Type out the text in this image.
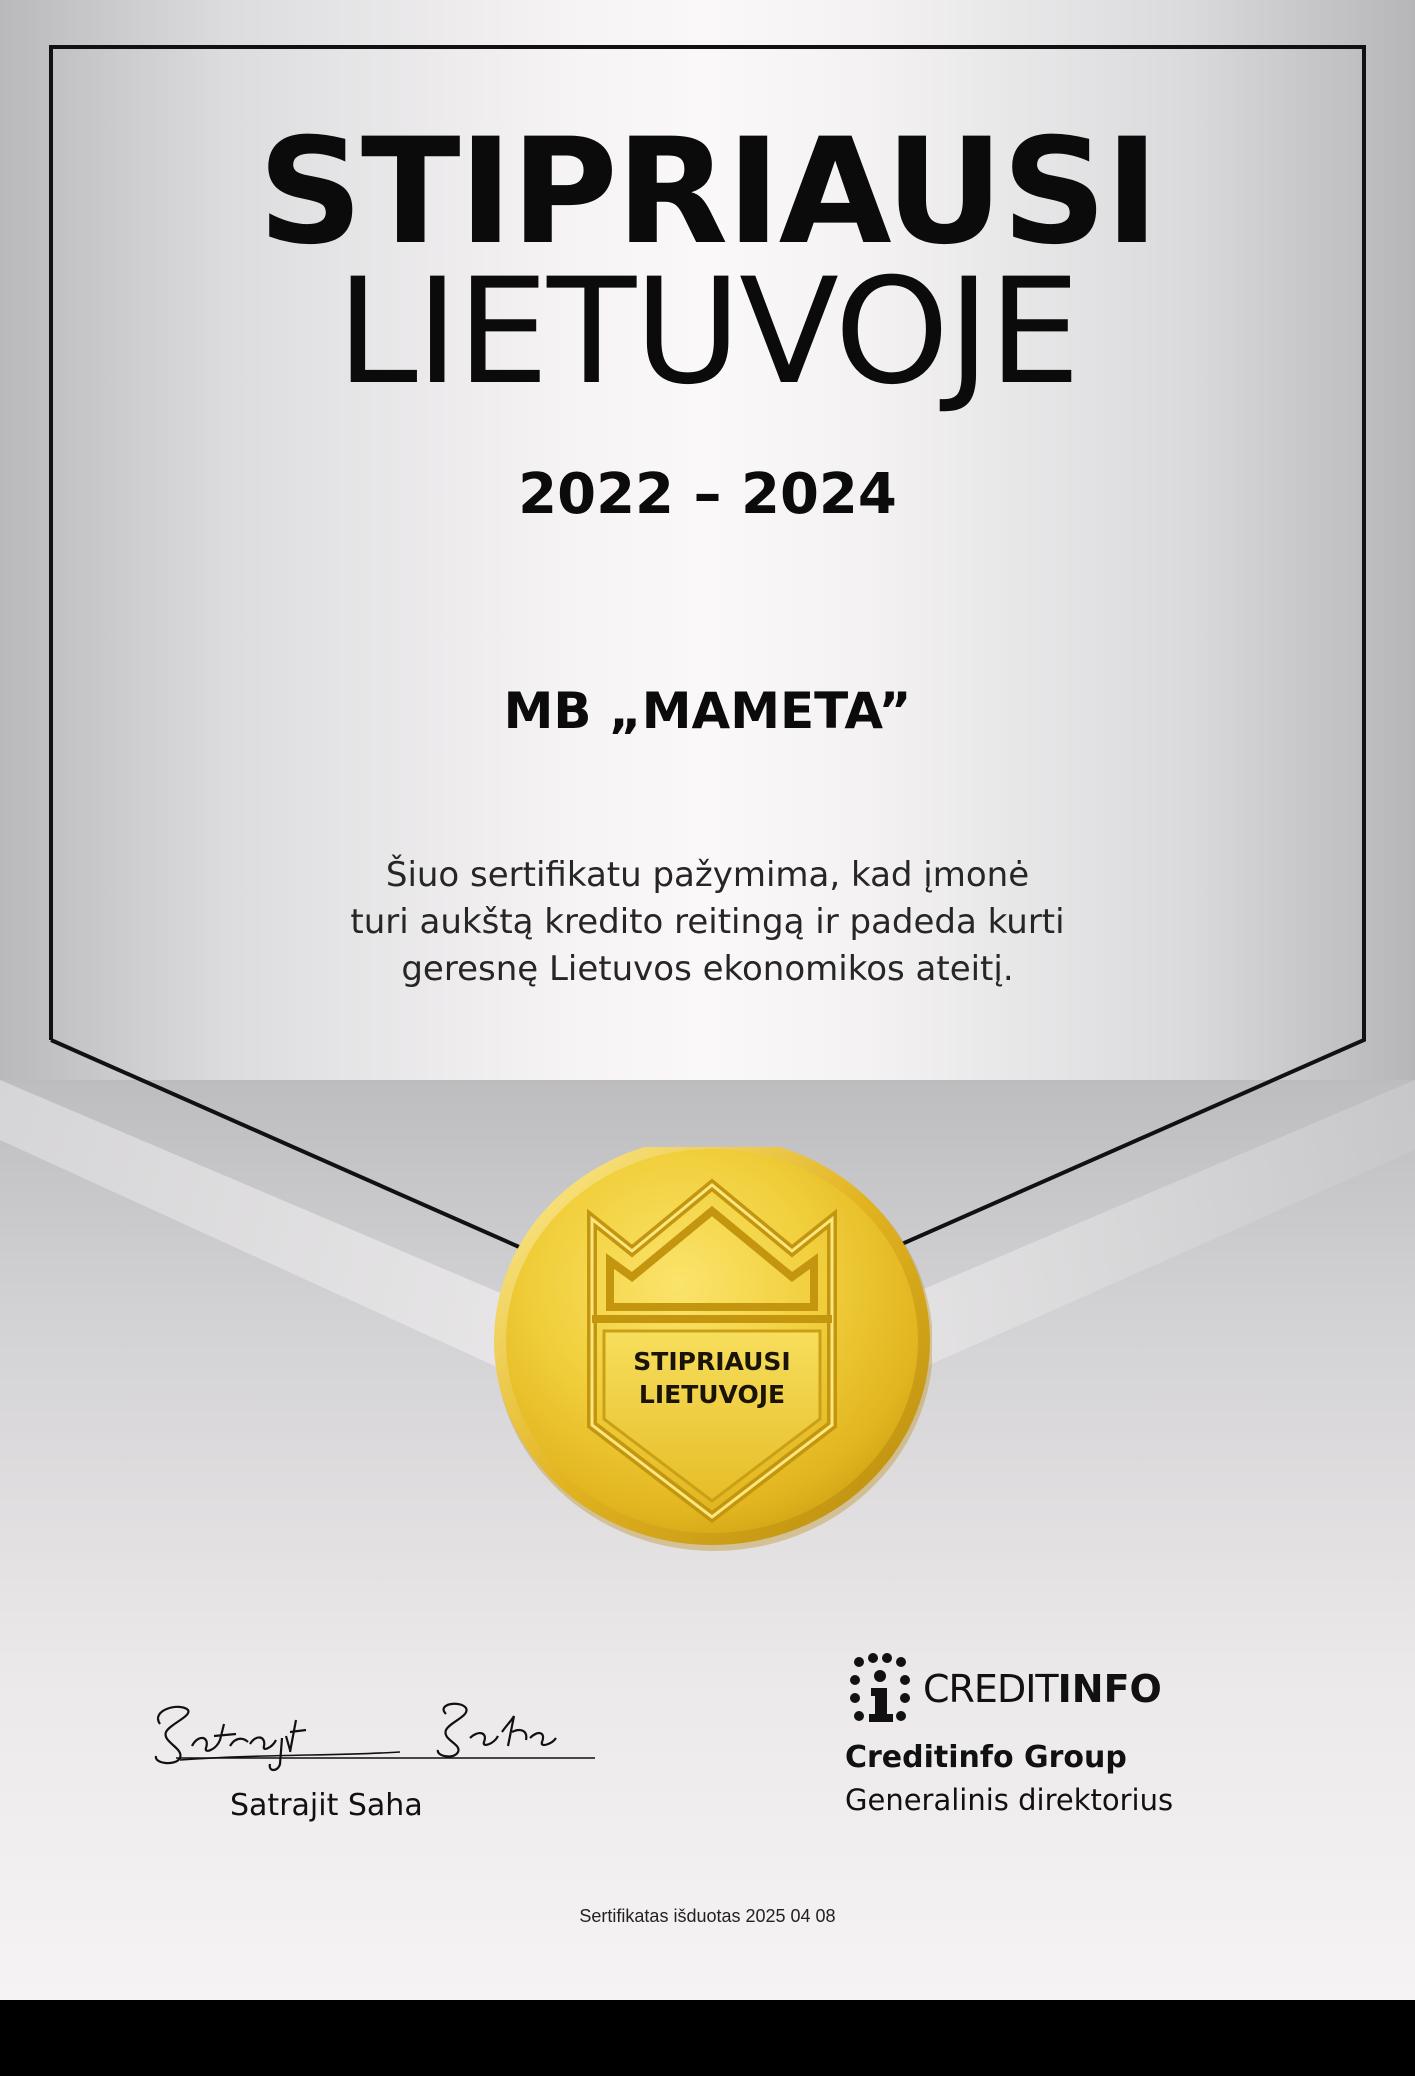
STIPRIAUSI
LIETUVOJE
2022 – 2024
MB „MAMETA”
Šiuo sertifikatu pažymima, kad įmonė
turi aukštą kredito reitingą ir padeda kurti
geresnę Lietuvos ekonomikos ateitį.
STIPRIAUSI
LIETUVOJE
Satrajit Saha
CREDITINFO
Creditinfo Group
Generalinis direktorius
Sertifikatas išduotas 2025 04 08
